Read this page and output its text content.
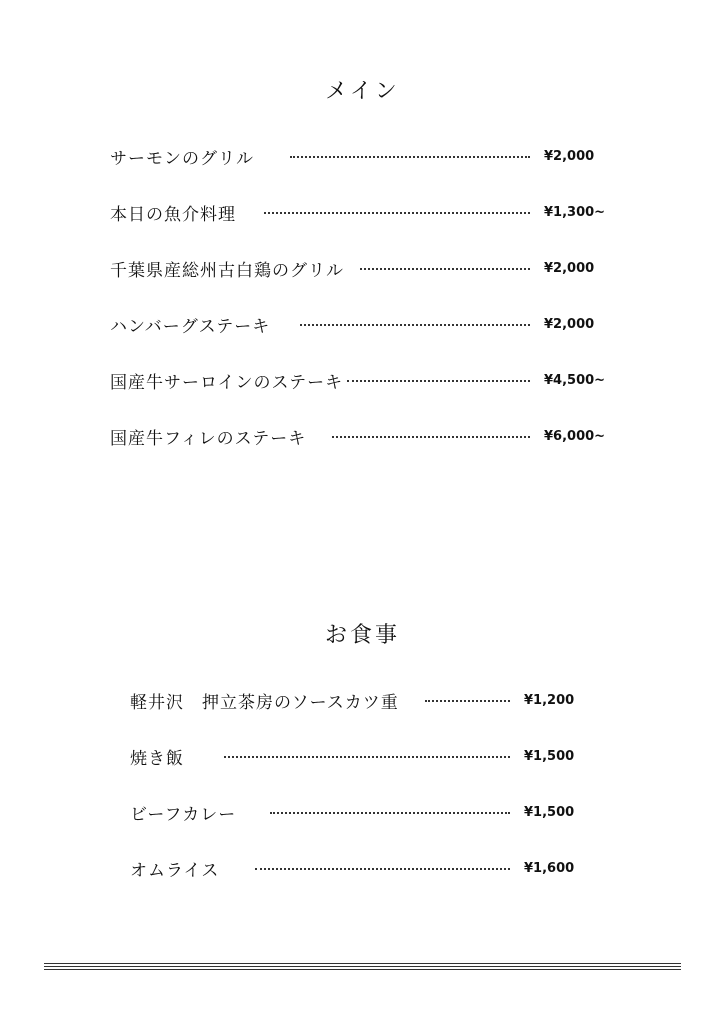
メイン
サーモンのグリル	¥2,000
本日の魚介料理	¥1,300~
千葉県産総州古白鶏のグリル	¥2,000
ハンバーグステーキ	¥2,000
国産牛サーロインのステーキ	¥4,500~
国産牛フィレのステーキ	¥6,000~
お食事
軽井沢　押立茶房のソースカツ重	¥1,200
焼き飯	¥1,500
ビーフカレー	¥1,500
オムライス	¥1,600
